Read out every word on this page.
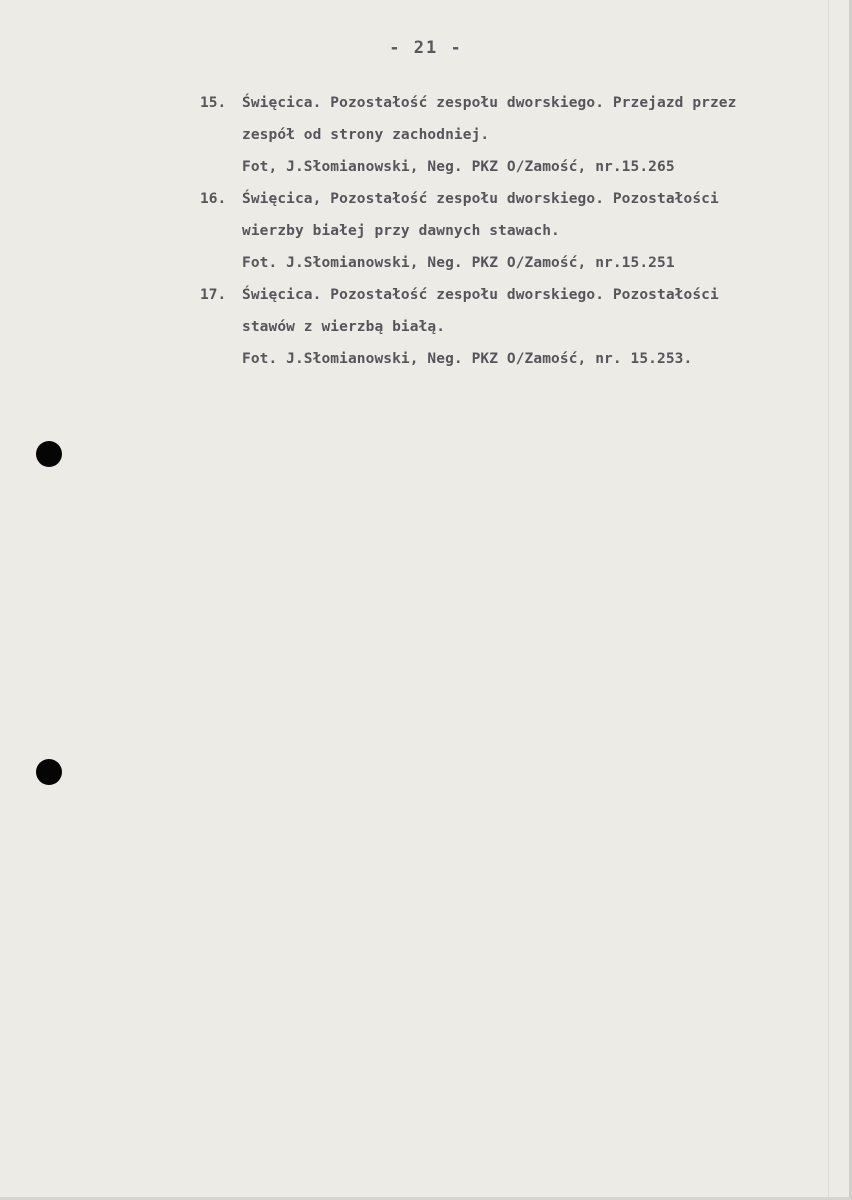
- 21 -
15. Święcica. Pozostałość zespołu dworskiego. Przejazd przez
zespół od strony zachodniej.
Fot, J.Słomianowski, Neg. PKZ O/Zamość, nr.15.265
16. Święcica, Pozostałość zespołu dworskiego. Pozostałości
wierzby białej przy dawnych stawach.
Fot. J.Słomianowski, Neg. PKZ O/Zamość, nr.15.251
17. Święcica. Pozostałość zespołu dworskiego. Pozostałości
stawów z wierzbą białą.
Fot. J.Słomianowski, Neg. PKZ O/Zamość, nr. 15.253.
